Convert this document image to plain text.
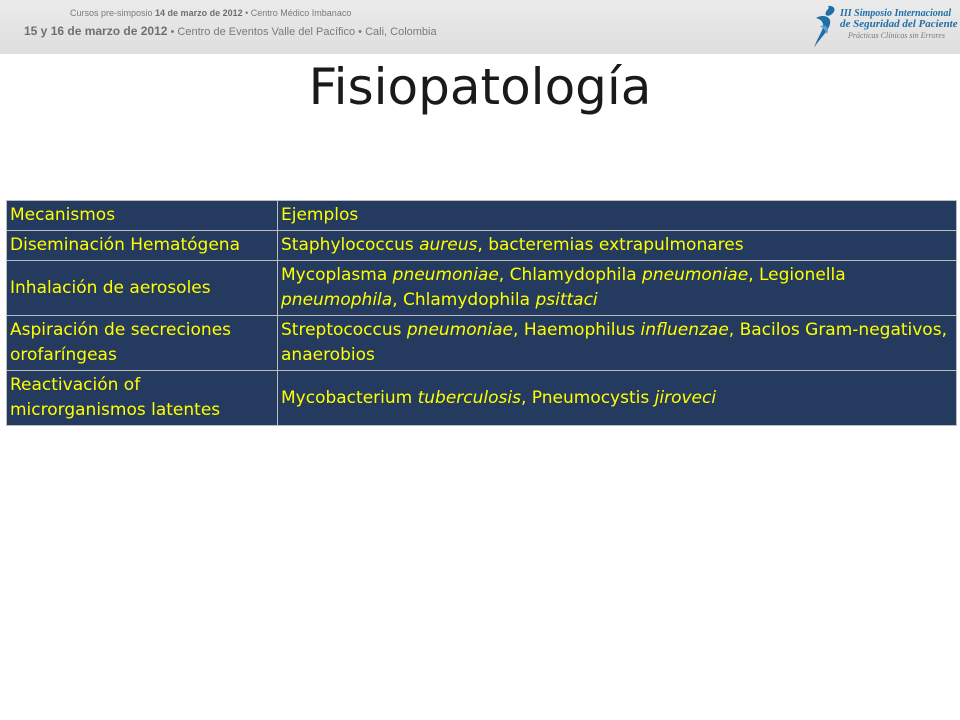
Cursos pre-simposio 14 de marzo de 2012 • Centro Médico Imbanaco
15 y 16 de marzo de 2012 • Centro de Eventos Valle del Pacífico • Cali, Colombia
III Simposio Internacional
de Seguridad del Paciente
Prácticas Clínicas sin Errores
Fisiopatología
Mecanismos	Ejemplos
Diseminación Hematógena	Staphylococcus aureus, bacteremias extrapulmonares
Inhalación de aerosoles	Mycoplasma pneumoniae, Chlamydophila pneumoniae, Legionella pneumophila, Chlamydophila psittaci
Aspiración de secreciones orofaríngeas	Streptococcus pneumoniae, Haemophilus influenzae, Bacilos Gram-negativos, anaerobios
Reactivación of microrganismos latentes	Mycobacterium tuberculosis, Pneumocystis jiroveci
